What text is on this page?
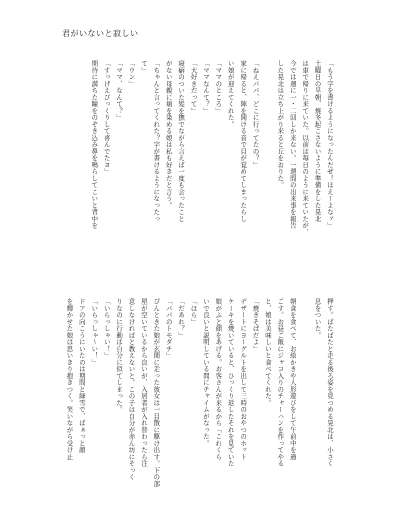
君がいないと寂しい
「もう字を書けるようになったんだぜ！ほえーよなァ」
土曜日の早朝、焼冬起こさないように準備をした晃北
は車で帰りに来ていた。以前は毎日のように来ていたが、
今では週に一・二回しか来ない。一週間の出来事を報告
した晃北は立ち上がり来ると丘をおりた。

「ねえパパ、どこに行ってたの？」
家に帰ると、陣を開ける音で目が覚めてしまったらし
い娘が迎えてくれた。
「ママのところ」
「ママなんて？」
「大好きだって」
寝癖のついた髪を撫でながら言えば一度も会ったこと
がない母親に頬を染める娘は私も好きだと言う。
「ちゃんと言ってくれた？字が書けるようになったっ
て」
「ウン」
「ママ、なんて？」
「すっげえびっくりして喜んでたヨ」
期待に満ちた瞳をのぞき込み鼻を鳴らしてこいと背中を
押す。ぱたぱたと走る後ろ姿を見つめる晃北は、小さく
息をついた。

朝食を食べて、お絵かきや人形遊びをして午前中を過
ごす。お昼ご飯にジャコ入りのチャーハンを作ってやる
と、娘は美味しいと食べてくれた。
「焼きそばだよ」
デザートにヨーグルトを出して三時のおやつのホット
ケーキを焼いていると、ひっくり返したそれを見ていた
娘がふと顔をあげる。お客さんが来るから「これくら
いで良いと説明している間にチャイムがなった。
「ほら」
「だあれ？」
「パパのトモダチ」
ぴんときた娘が玄関に走った彼女は一目散に駆け出す。下の部
屋が空いているから良いが、入居者が入れ替わったら注
意しなければと教えないと。この子は自分が赤ん坊にそっく
りなのに行動は自分に似てしまった。
「いらっしゃい！」
「いらっしゃ〜い！」
ドアの向こうにいたのは期間と緑雪で、ぱぁっと顔
を輝かせた娘は思いきり抱きつく。笑いながら受け止
